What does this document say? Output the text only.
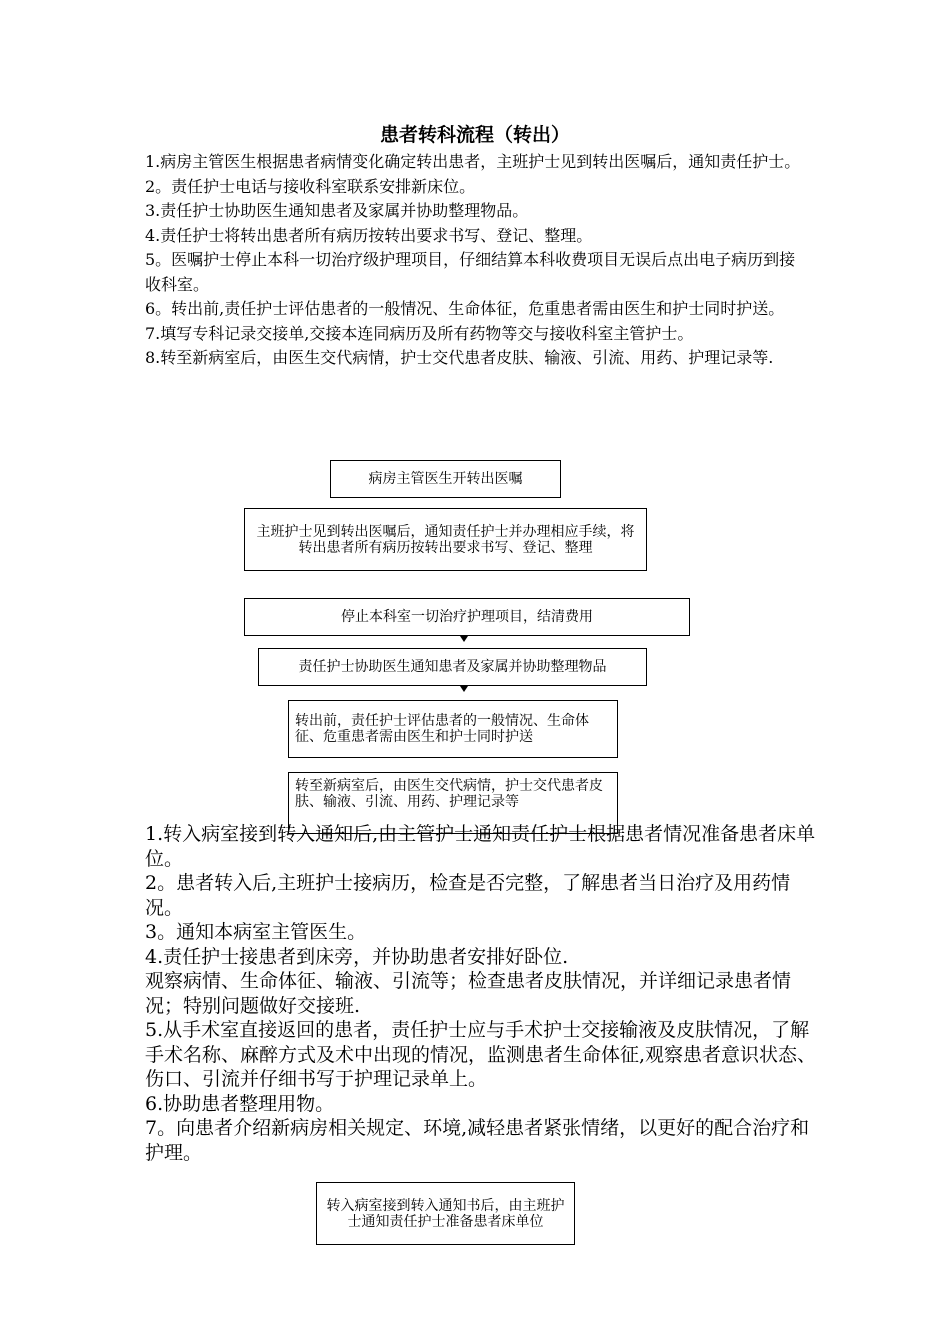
患者转科流程（转出）

1.病房主管医生根据患者病情变化确定转出患者，主班护士见到转出医嘱后，通知责任护士。

2。责任护士电话与接收科室联系安排新床位。

3.责任护士协助医生通知患者及家属并协助整理物品。

4.责任护士将转出患者所有病历按转出要求书写、登记、整理。

5。医嘱护士停止本科一切治疗级护理项目，仔细结算本科收费项目无误后点出电子病历到接收科室。

6。转出前,责任护士评估患者的一般情况、生命体征，危重患者需由医生和护士同时护送。

7.填写专科记录交接单,交接本连同病历及所有药物等交与接收科室主管护士。

8.转至新病室后，由医生交代病情，护士交代患者皮肤、输液、引流、用药、护理记录等.

病房主管医生开转出医嘱
主班护士见到转出医嘱后，通知责任护士并办理相应手续，将转出患者所有病历按转出要求书写、登记、整理
停止本科室一切治疗护理项目，结清费用
责任护士协助医生通知患者及家属并协助整理物品
转出前，责任护士评估患者的一般情况、生命体征、危重患者需由医生和护士同时护送
转至新病室后，由医生交代病情，护士交代患者皮肤、输液、引流、用药、护理记录等

1.转入病室接到转入通知后,由主管护士通知责任护士根据患者情况准备患者床单位。

2。患者转入后,主班护士接病历，检查是否完整，了解患者当日治疗及用药情况。

3。通知本病室主管医生。

4.责任护士接患者到床旁，并协助患者安排好卧位.

观察病情、生命体征、输液、引流等；检查患者皮肤情况，并详细记录患者情况；特别问题做好交接班.

5.从手术室直接返回的患者，责任护士应与手术护士交接输液及皮肤情况，了解手术名称、麻醉方式及术中出现的情况，监测患者生命体征,观察患者意识状态、伤口、引流并仔细书写于护理记录单上。

6.协助患者整理用物。

7。向患者介绍新病房相关规定、环境,减轻患者紧张情绪，以更好的配合治疗和护理。

转入病室接到转入通知书后，由主班护士通知责任护士准备患者床单位
